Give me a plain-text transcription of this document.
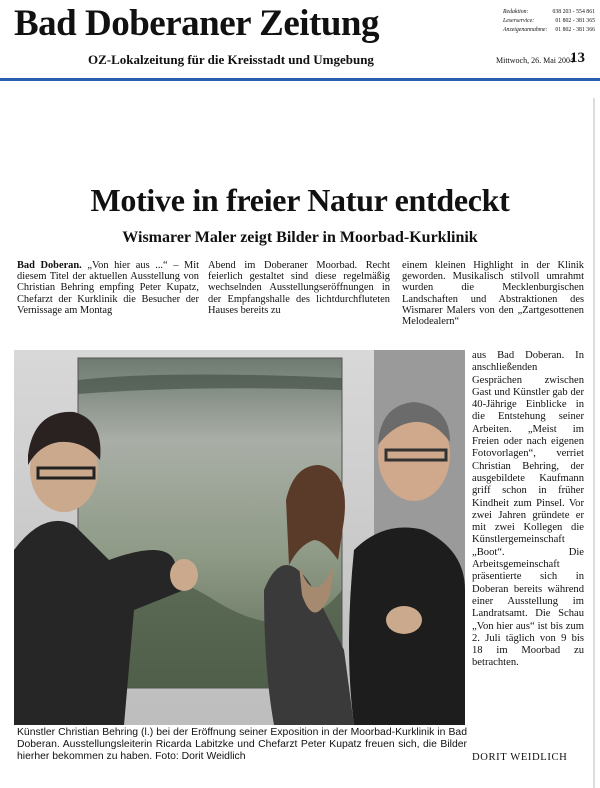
Bad Doberaner Zeitung
OZ-Lokalzeitung für die Kreisstadt und Umgebung
Redaktion:	038 203 - 554 861
Leserservice:	01 802 - 381 365
Anzeigenannahme: 01 802 - 381 366
Mittwoch, 26. Mai 2004
13
Motive in freier Natur entdeckt
Wismarer Maler zeigt Bilder in Moorbad-Kurklinik
Bad Doberan. „Von hier aus ...“ – Mit diesem Titel der aktuellen Ausstellung von Christian Behring empfing Peter Kupatz, Chefarzt der Kurklinik die Besucher der Vernissage am Montag
Abend im Doberaner Moorbad. Recht feierlich gestaltet sind diese regelmäßig wechselnden Ausstellungseröffnungen in der Empfangshalle des lichtdurchfluteten Hauses bereits zu
einem kleinen Highlight in der Klinik geworden. Musikalisch stilvoll umrahmt wurden die Mecklenburgischen Landschaften und Abstraktionen des Wismarer Malers von den „Zartgesottenen Melodealern“
aus Bad Doberan. In anschließenden Gesprächen zwischen Gast und Künstler gab der 40-Jährige Einblicke in die Entstehung seiner Arbeiten. „Meist im Freien oder nach eigenen Fotovorlagen“, verriet Christian Behring, der ausgebildete Kaufmann griff schon in früher Kindheit zum Pinsel. Vor zwei Jahren gründete er mit zwei Kollegen die Künstlergemeinschaft „Boot“. Die Arbeitsgemeinschaft präsentierte sich in Doberan bereits während einer Ausstellung im Landratsamt. Die Schau „Von hier aus“ ist bis zum 2. Juli täglich von 9 bis 18 im Moorbad zu betrachten.
Künstler Christian Behring (l.) bei der Eröffnung seiner Exposition in der Moorbad-Kurklinik in Bad Doberan. Ausstellungsleiterin Ricarda Labitzke und Chefarzt Peter Kupatz freuen sich, die Bilder hierher bekommen zu haben. Foto: Dorit Weidlich	DORIT WEIDLICH
